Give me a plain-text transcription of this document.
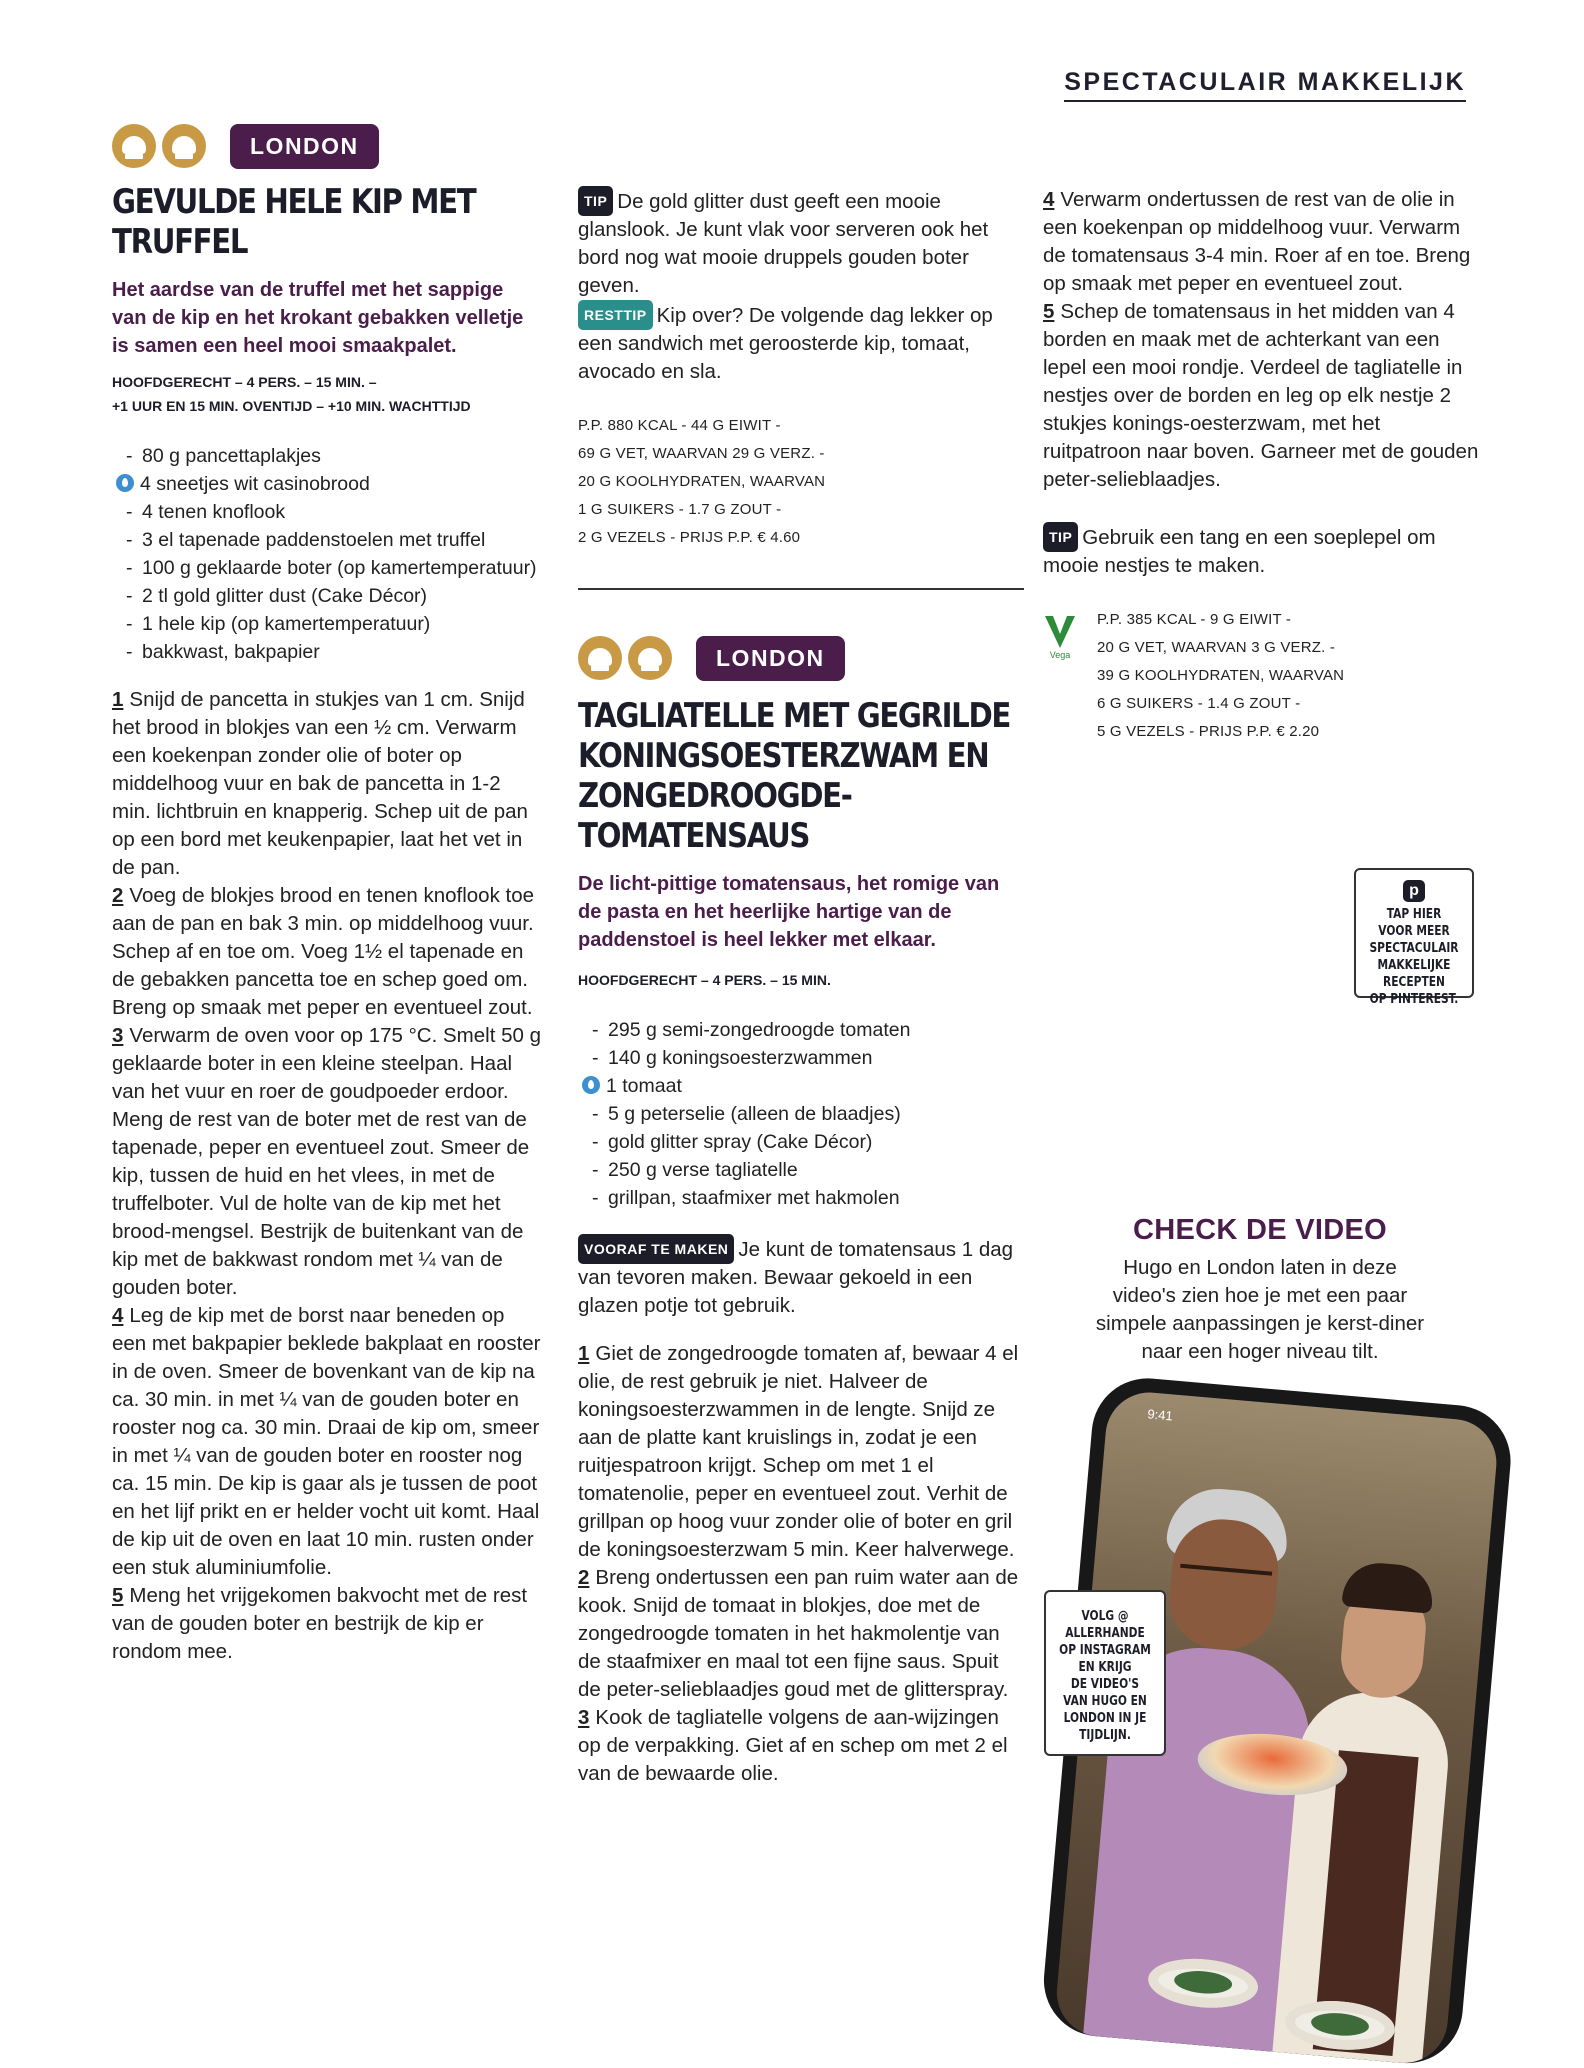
SPECTACULAIR MAKKELIJK
LONDON
GEVULDE HELE KIP MET TRUFFEL
Het aardse van de truffel met het sappige van de kip en het krokant gebakken velletje is samen een heel mooi smaakpalet.
HOOFDGERECHT – 4 PERS. – 15 MIN. –
+1 UUR EN 15 MIN. OVENTIJD – +10 MIN. WACHTTIJD
- 80 g pancettaplakjes
4 sneetjes wit casinobrood
- 4 tenen knoflook
- 3 el tapenade paddenstoelen met truffel
- 100 g geklaarde boter (op kamertemperatuur)
- 2 tl gold glitter dust (Cake Décor)
- 1 hele kip (op kamertemperatuur)
- bakkwast, bakpapier

1 Snijd de pancetta in stukjes van 1 cm. Snijd het brood in blokjes van een ½ cm. Verwarm een koekenpan zonder olie of boter op middelhoog vuur en bak de pancetta in 1-2 min. lichtbruin en knapperig. Schep uit de pan op een bord met keukenpapier, laat het vet in de pan.

2 Voeg de blokjes brood en tenen knoflook toe aan de pan en bak 3 min. op middelhoog vuur. Schep af en toe om. Voeg 1½ el tapenade en de gebakken pancetta toe en schep goed om. Breng op smaak met peper en eventueel zout.

3 Verwarm de oven voor op 175 °C. Smelt 50 g geklaarde boter in een kleine steelpan. Haal van het vuur en roer de goudpoeder erdoor. Meng de rest van de boter met de rest van de tapenade, peper en eventueel zout. Smeer de kip, tussen de huid en het vlees, in met de truffelboter. Vul de holte van de kip met het brood-mengsel. Bestrijk de buitenkant van de kip met de bakkwast rondom met ¼ van de gouden boter.

4 Leg de kip met de borst naar beneden op een met bakpapier beklede bakplaat en rooster in de oven. Smeer de bovenkant van de kip na ca. 30 min. in met ¼ van de gouden boter en rooster nog ca. 30 min. Draai de kip om, smeer in met ¼ van de gouden boter en rooster nog ca. 15 min. De kip is gaar als je tussen de poot en het lijf prikt en er helder vocht uit komt. Haal de kip uit de oven en laat 10 min. rusten onder een stuk aluminiumfolie.

5 Meng het vrijgekomen bakvocht met de rest van de gouden boter en bestrijk de kip er rondom mee.

TIP De gold glitter dust geeft een mooie glanslook. Je kunt vlak voor serveren ook het bord nog wat mooie druppels gouden boter geven.

RESTTIP Kip over? De volgende dag lekker op een sandwich met geroosterde kip, tomaat, avocado en sla.

P.P. 880 KCAL - 44 G EIWIT -
69 G VET, WAARVAN 29 G VERZ. -
20 G KOOLHYDRATEN, WAARVAN
1 G SUIKERS - 1.7 G ZOUT -
2 G VEZELS - PRIJS P.P. € 4.60
LONDON
TAGLIATELLE MET GEGRILDE
KONINGSOESTERZWAM EN
ZONGEDROOGDE-TOMATENSAUS
De licht-pittige tomatensaus, het romige van de pasta en het heerlijke hartige van de paddenstoel is heel lekker met elkaar.
HOOFDGERECHT – 4 PERS. – 15 MIN.
- 295 g semi-zongedroogde tomaten
- 140 g koningsoesterzwammen
1 tomaat
- 5 g peterselie (alleen de blaadjes)
- gold glitter spray (Cake Décor)
- 250 g verse tagliatelle
- grillpan, staafmixer met hakmolen

VOORAF TE MAKEN Je kunt de tomatensaus 1 dag van tevoren maken. Bewaar gekoeld in een glazen potje tot gebruik.

1 Giet de zongedroogde tomaten af, bewaar 4 el olie, de rest gebruik je niet. Halveer de koningsoesterzwammen in de lengte. Snijd ze aan de platte kant kruislings in, zodat je een ruitjespatroon krijgt. Schep om met 1 el tomatenolie, peper en eventueel zout. Verhit de grillpan op hoog vuur zonder olie of boter en gril de koningsoesterzwam 5 min. Keer halverwege.

2 Breng ondertussen een pan ruim water aan de kook. Snijd de tomaat in blokjes, doe met de zongedroogde tomaten in het hakmolentje van de staafmixer en maal tot een fijne saus. Spuit de peter-selieblaadjes goud met de glitterspray.

3 Kook de tagliatelle volgens de aan-wijzingen op de verpakking. Giet af en schep om met 2 el van de bewaarde olie.

4 Verwarm ondertussen de rest van de olie in een koekenpan op middelhoog vuur. Verwarm de tomatensaus 3-4 min. Roer af en toe. Breng op smaak met peper en eventueel zout.

5 Schep de tomatensaus in het midden van 4 borden en maak met de achterkant van een lepel een mooi rondje. Verdeel de tagliatelle in nestjes over de borden en leg op elk nestje 2 stukjes konings-oesterzwam, met het ruitpatroon naar boven. Garneer met de gouden peter-selieblaadjes.

TIP Gebruik een tang en een soeplepel om mooie nestjes te maken.

Vega
P.P. 385 KCAL - 9 G EIWIT -
20 G VET, WAARVAN 3 G VERZ. -
39 G KOOLHYDRATEN, WAARVAN
6 G SUIKERS - 1.4 G ZOUT -
5 G VEZELS - PRIJS P.P. € 2.20
p
TAP HIER
VOOR MEER
SPECTACULAIR
MAKKELIJKE
RECEPTEN
OP PINTEREST.
CHECK DE VIDEO
Hugo en London laten in deze video's zien hoe je met een paar simpele aanpassingen je kerst-diner naar een hoger niveau tilt.
9:41
VOLG @
ALLERHANDE
OP INSTAGRAM
EN KRIJG
DE VIDEO'S
VAN HUGO EN
LONDON IN JE
TIJDLIJN.
